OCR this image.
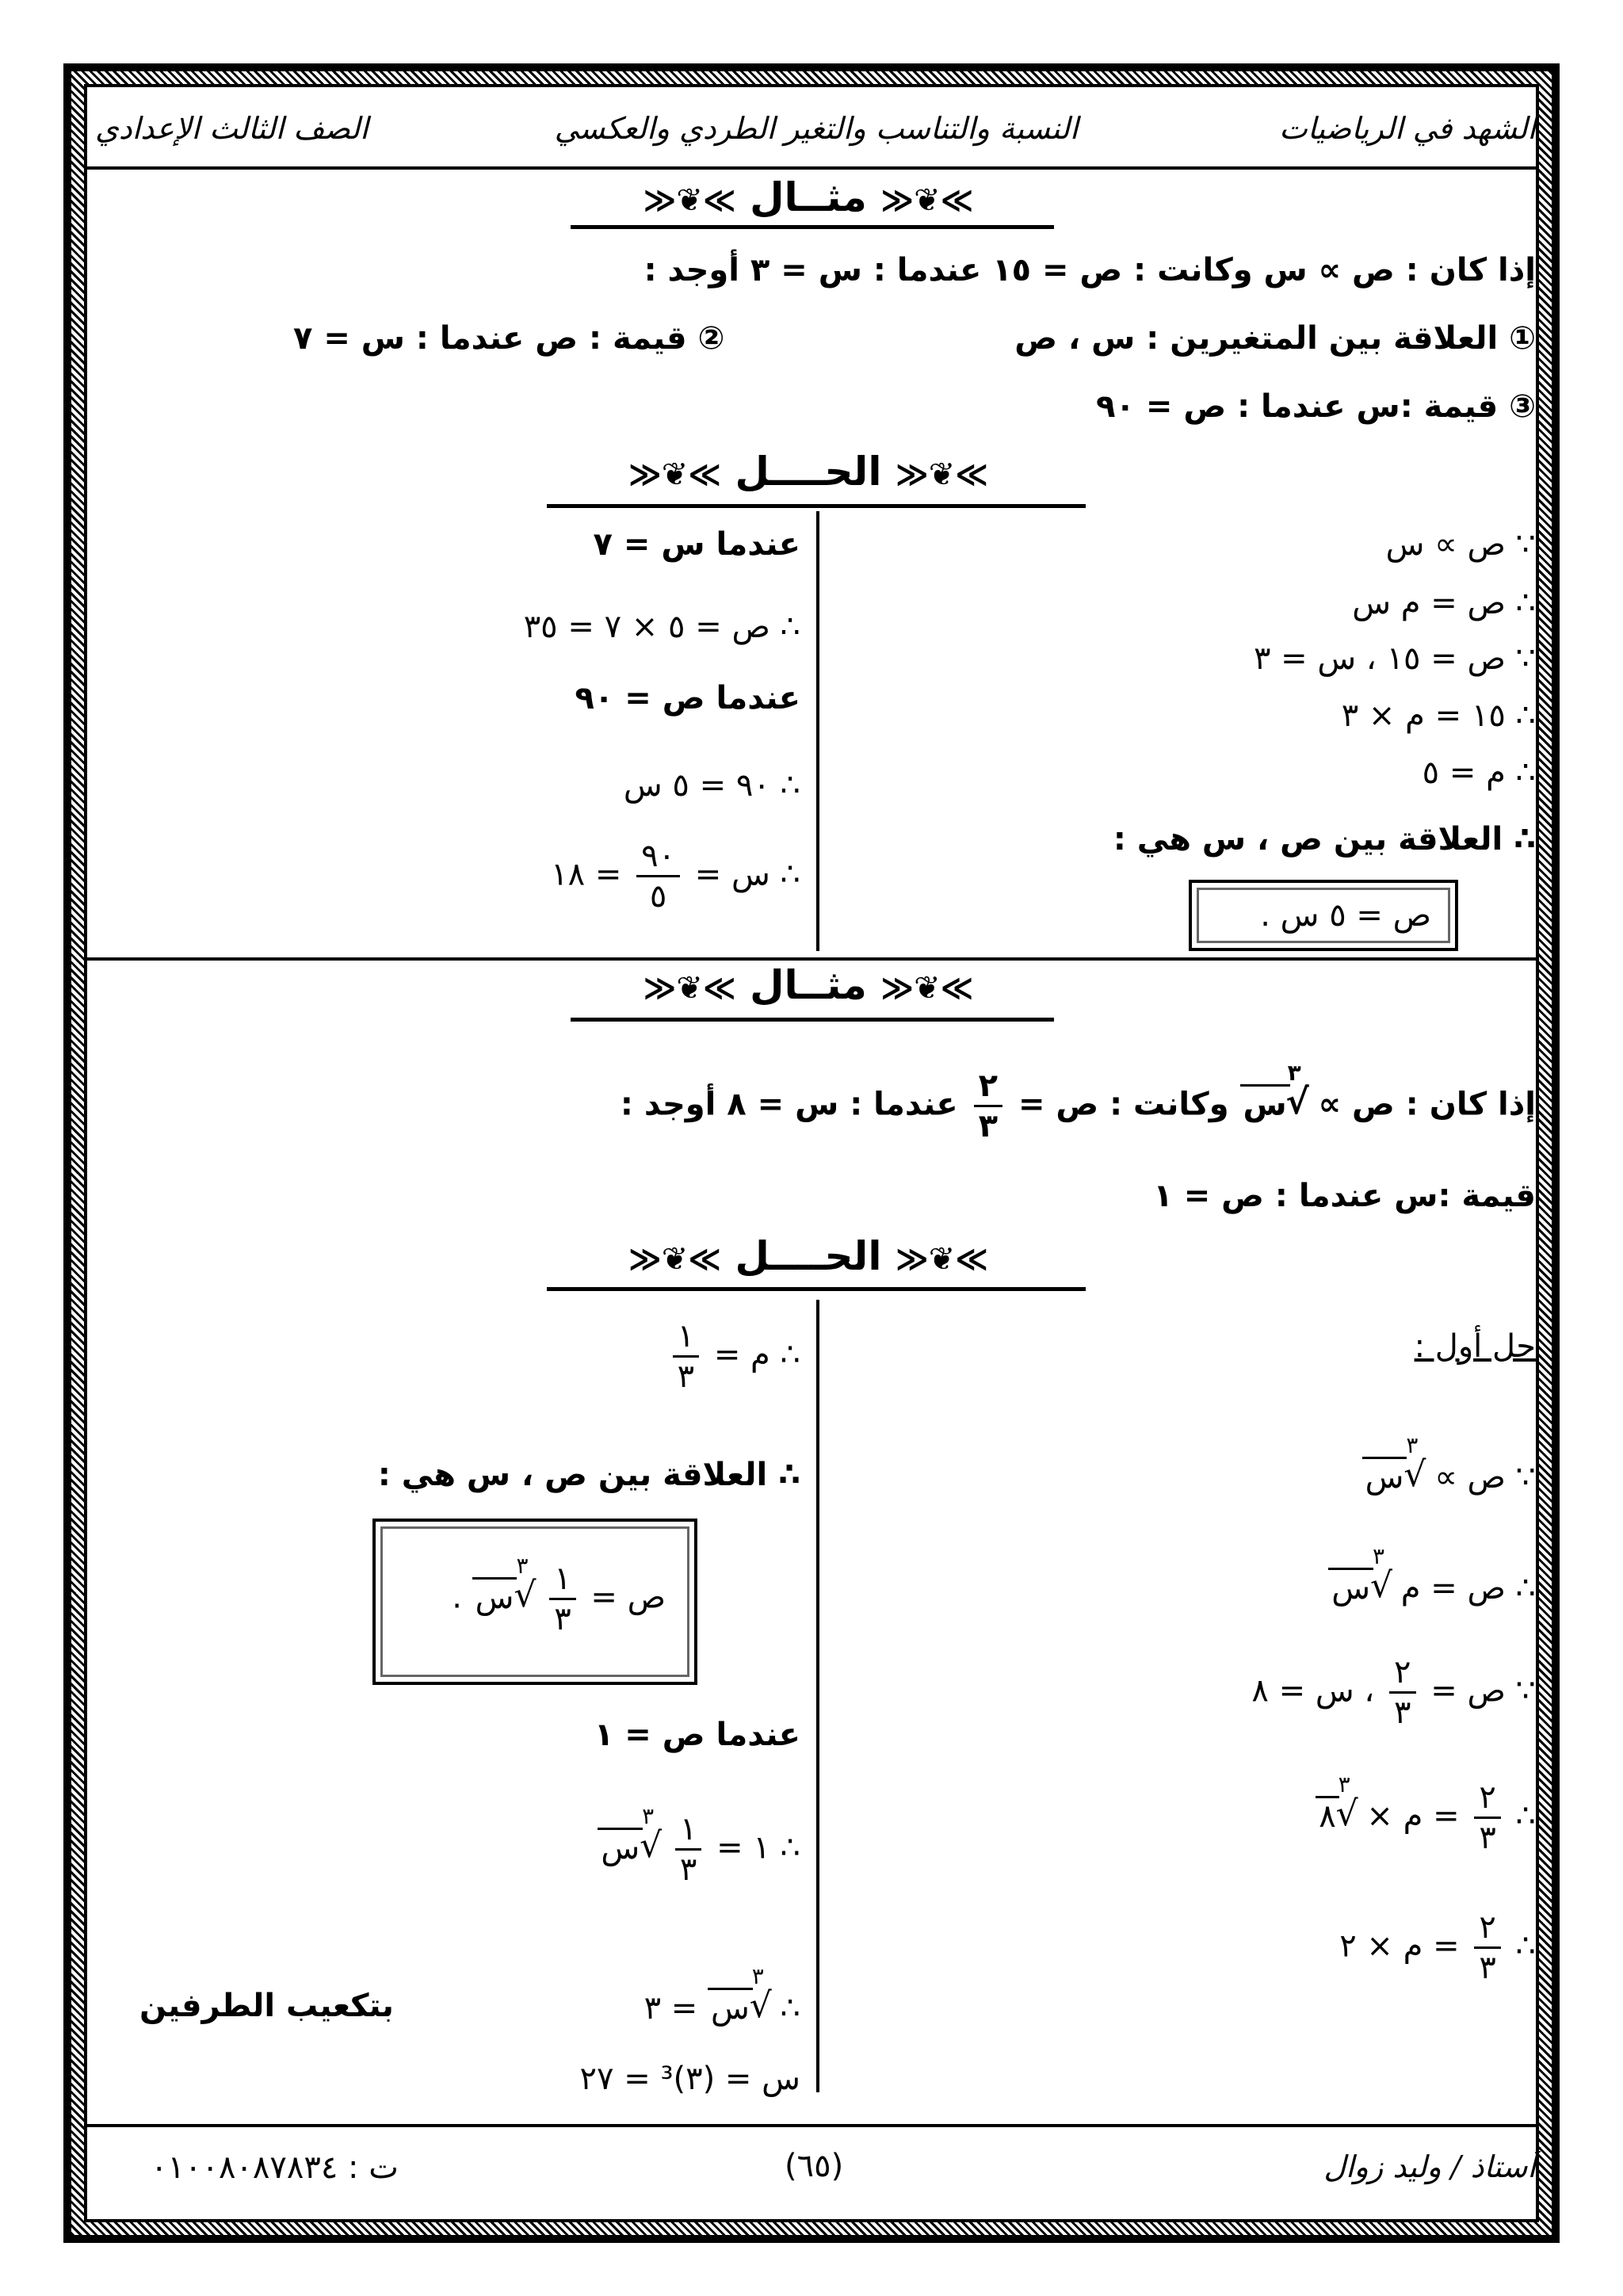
الشهد في الرياضيات
النسبة والتناسب والتغير الطردي والعكسي
الصف الثالث الإعدادي
≫❦≪ مثــال ≫❦≪
إذا كان : ص ∝ س وكانت : ص = ١٥ عندما : س = ٣ أوجد :
① العلاقة بين المتغيرين : س ، ص
② قيمة : ص عندما : س = ٧
③ قيمة :س عندما : ص = ٩٠
≫❦≪ الحــــل ≫❦≪
∵ ص ∝ س
∴ ص = م س
∵ ص = ١٥ ، س = ٣
∴ ١٥ = م × ٣
∴ م = ٥
∴ العلاقة بين ص ، س هي :
ص = ٥ س .
عندما س = ٧
∴ ص = ٥ × ٧ = ٣٥
عندما ص = ٩٠
∴ ٩٠ = ٥ س
∴ س =
$\frac{٩٠}{٥}$
= ١٨
≫❦≪ مثــال ≫❦≪
إذا كان : ص ∝
√ ٣
س وكانت : ص =
$\frac{٢}{٣}$
عندما : س = ٨ أوجد :
قيمة :س عندما : ص = ١
≫❦≪ الحــــل ≫❦≪
حل أول :
∵ ص ∝
√ ٣
س
∴ ص = م
√ ٣
س
∵ ص =
$\frac{٢}{٣}$
، س = ٨
∴
$\frac{٢}{٣}$
= م ×
√ ٣
٨
∴
$\frac{٢}{٣}$
= م × ٢
∴ م =
$\frac{١}{٣}$
∴ العلاقة بين ص ، س هي :
ص =
$\frac{١}{٣}$

√ ٣
س .
عندما ص = ١
∴ ١ =
$\frac{١}{٣}$

√ ٣
س
∴
√ ٣
س = ٣
بتكعيب الطرفين
س = (٣)³ = ٢٧
أستاذ / وليد زوال
(٦٥)
ت : ٠١٠٠٨٠٨٧٨٣٤
